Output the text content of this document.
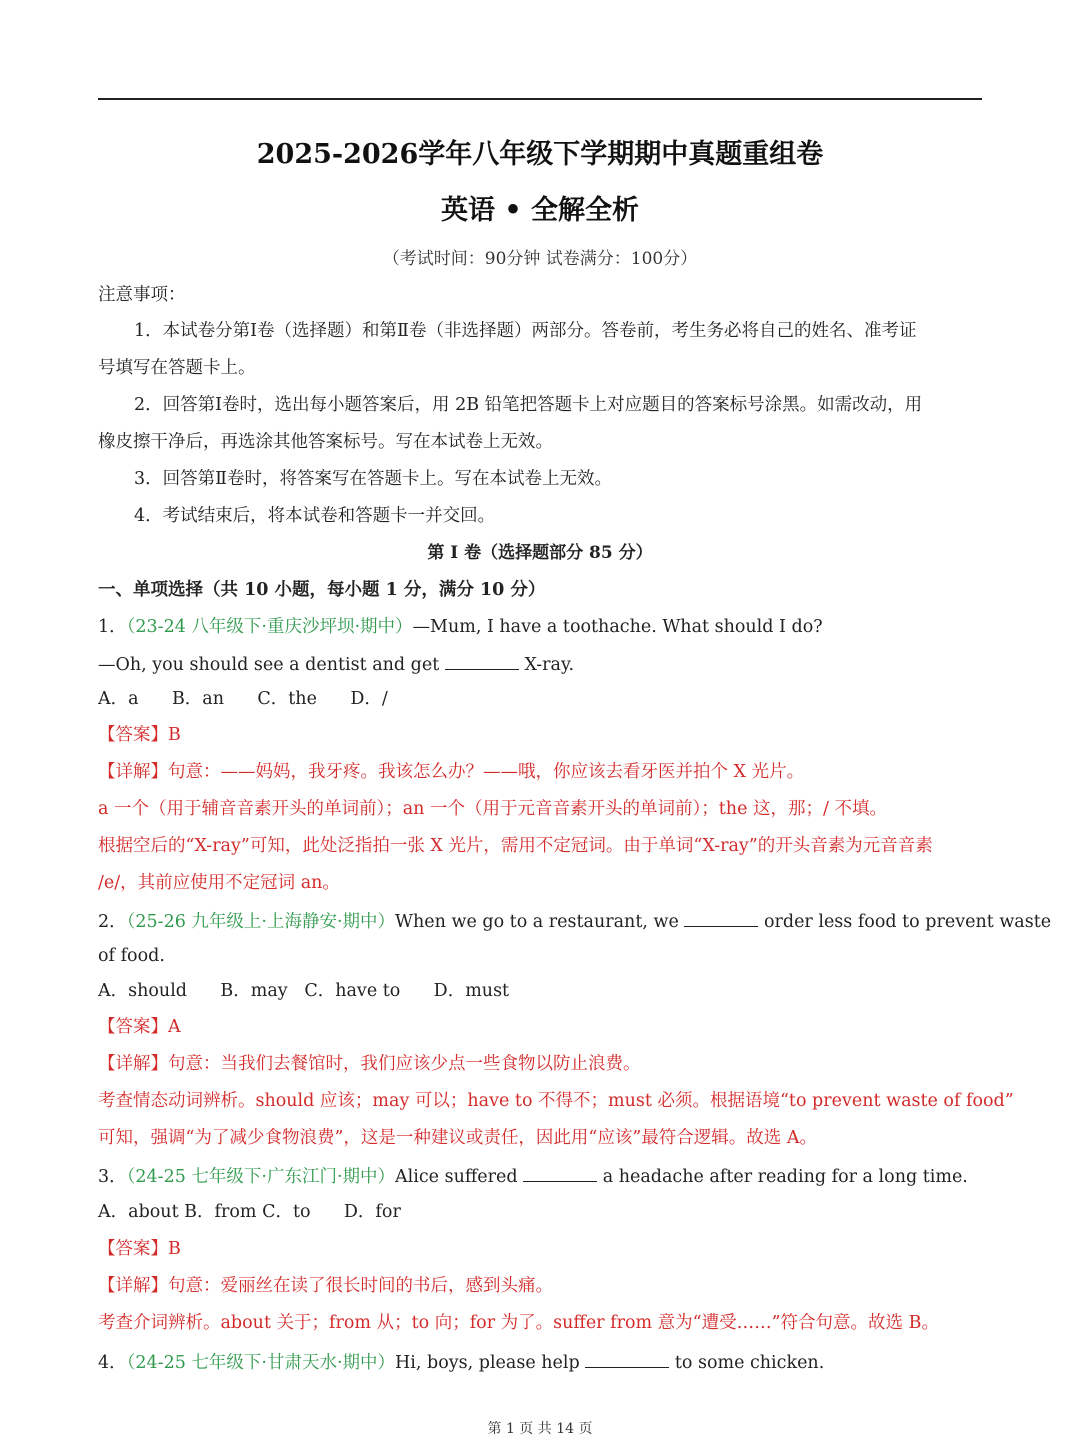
2025-2026学年八年级下学期期中真题重组卷
英语 • 全解全析
（考试时间：90分钟 试卷满分：100分）
注意事项：
1．本试卷分第Ⅰ卷（选择题）和第Ⅱ卷（非选择题）两部分。答卷前，考生务必将自己的姓名、准考证
号填写在答题卡上。
2．回答第Ⅰ卷时，选出每小题答案后，用 2B 铅笔把答题卡上对应题目的答案标号涂黑。如需改动，用
橡皮擦干净后，再选涂其他答案标号。写在本试卷上无效。
3．回答第Ⅱ卷时，将答案写在答题卡上。写在本试卷上无效。
4．考试结束后，将本试卷和答题卡一并交回。
第 I 卷（选择题部分 85 分）
一、单项选择（共 10 小题，每小题 1 分，满分 10 分）
1．（23-24 八年级下·重庆沙坪坝·期中）—Mum, I have a toothache. What should I do?
—Oh, you should see a dentist and get	X-ray.
A．a      B．an      C．the      D．/
【答案】B
【详解】句意：——妈妈，我牙疼。我该怎么办？——哦，你应该去看牙医并拍个 X 光片。
a 一个（用于辅音音素开头的单词前）；an 一个（用于元音音素开头的单词前）；the 这，那；/ 不填。
根据空后的“X-ray”可知，此处泛指拍一张 X 光片，需用不定冠词。由于单词“X-ray”的开头音素为元音音素
/e/，其前应使用不定冠词 an。
2．（25-26 九年级上·上海静安·期中）When we go to a restaurant, we	order less food to prevent waste
of food.
A．should      B．may   C．have to      D．must
【答案】A
【详解】句意：当我们去餐馆时，我们应该少点一些食物以防止浪费。
考查情态动词辨析。should 应该；may 可以；have to 不得不；must 必须。根据语境“to prevent waste of food”
可知，强调“为了减少食物浪费”，这是一种建议或责任，因此用“应该”最符合逻辑。故选 A。
3．（24-25 七年级下·广东江门·期中）Alice suffered	a headache after reading for a long time.
A．about B．from C．to      D．for
【答案】B
【详解】句意：爱丽丝在读了很长时间的书后，感到头痛。
考查介词辨析。about 关于；from 从；to 向；for 为了。suffer from 意为“遭受……”符合句意。故选 B。
4．（24-25 七年级下·甘肃天水·期中）Hi, boys, please help	to some chicken.
第 1 页 共 14 页
